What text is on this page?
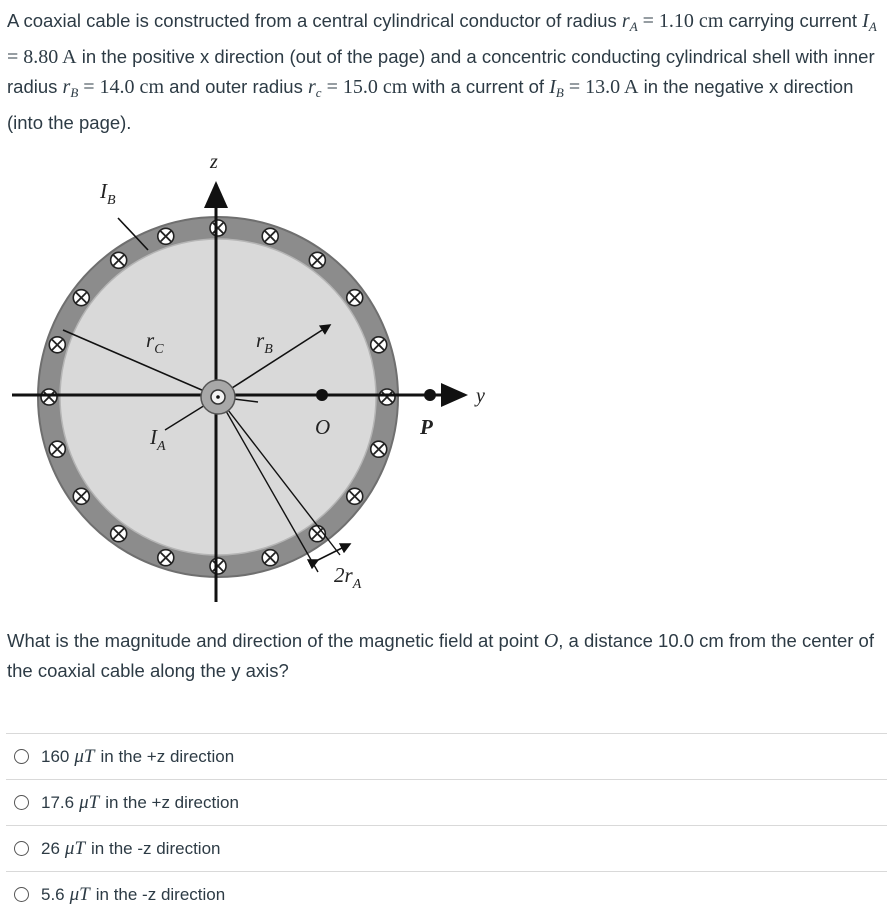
A coaxial cable is constructed from a central cylindrical conductor of radius $r_A = 1.10$ cm carrying current $I_A = 8.80$ A in the positive x direction (out of the page) and a concentric conducting cylindrical shell with inner radius $r_B = 14.0$ cm and outer radius $r_c = 15.0$ cm with a current of $I_B = 13.0$ A in the negative x direction (into the page).
z
y
$I_B$
$r_C$	$r_B$
$I_A$
O	P
$2r_A$
What is the magnitude and direction of the magnetic field at point O, a distance 10.0 cm from the center of the coaxial cable along the y axis?
160 μT in the +z direction
17.6 μT in the +z direction
26 μT in the -z direction
5.6 μT in the -z direction
